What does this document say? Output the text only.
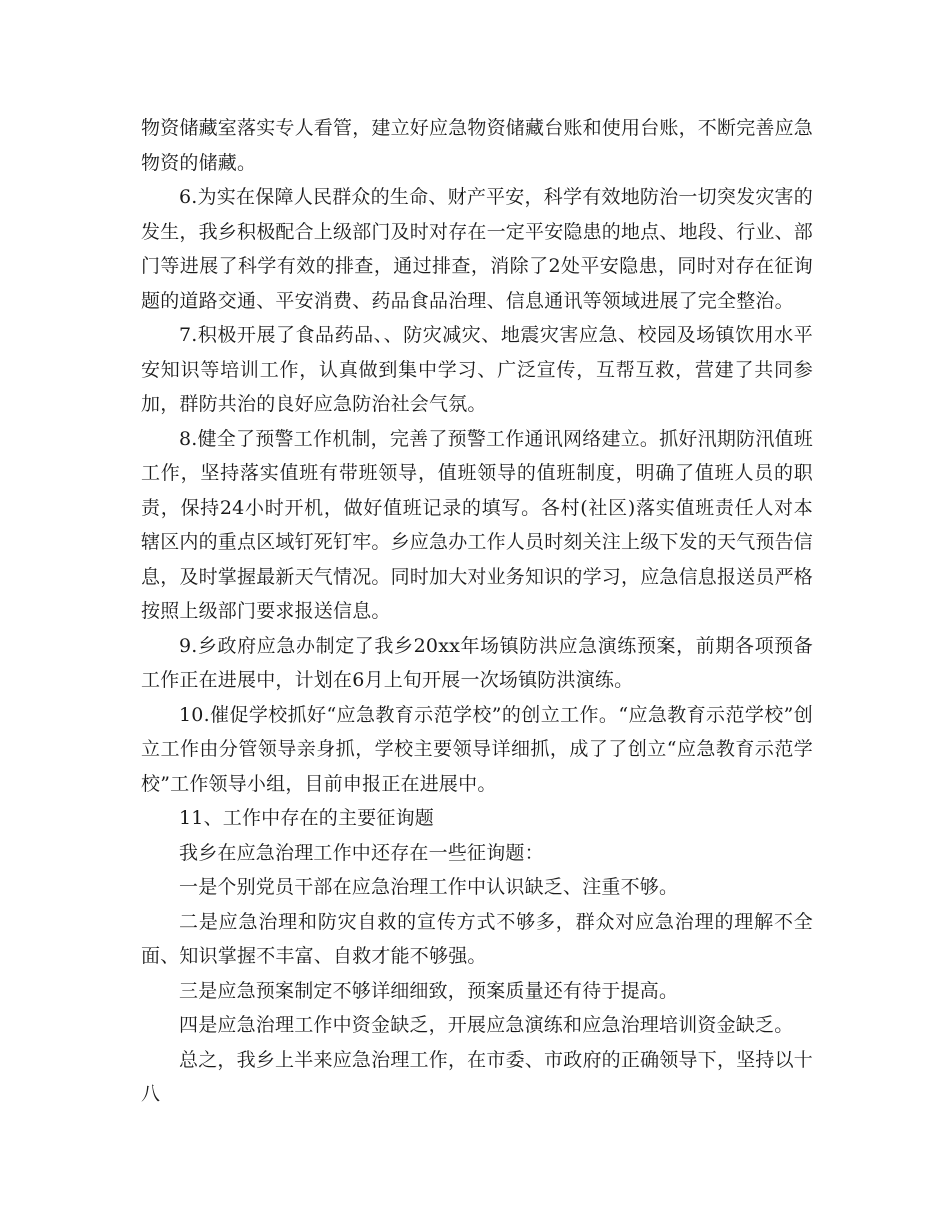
物资储藏室落实专人看管，建立好应急物资储藏台账和使用台账，不断完善应急物资的储藏。

6.为实在保障人民群众的生命、财产平安，科学有效地防治一切突发灾害的发生，我乡积极配合上级部门及时对存在一定平安隐患的地点、地段、行业、部门等进展了科学有效的排查，通过排查，消除了2处平安隐患，同时对存在征询题的道路交通、平安消费、药品食品治理、信息通讯等领域进展了完全整治。

7.积极开展了食品药品、、防灾减灾、地震灾害应急、校园及场镇饮用水平安知识等培训工作，认真做到集中学习、广泛宣传，互帮互救，营建了共同参加，群防共治的良好应急防治社会气氛。

8.健全了预警工作机制，完善了预警工作通讯网络建立。抓好汛期防汛值班工作，坚持落实值班有带班领导，值班领导的值班制度，明确了值班人员的职责，保持24小时开机，做好值班记录的填写。各村(社区)落实值班责任人对本辖区内的重点区域钉死钉牢。乡应急办工作人员时刻关注上级下发的天气预告信息，及时掌握最新天气情况。同时加大对业务知识的学习，应急信息报送员严格按照上级部门要求报送信息。

9.乡政府应急办制定了我乡20xx年场镇防洪应急演练预案，前期各项预备工作正在进展中，计划在6月上旬开展一次场镇防洪演练。

10.催促学校抓好“应急教育示范学校”的创立工作。“应急教育示范学校”创立工作由分管领导亲身抓，学校主要领导详细抓，成了了创立“应急教育示范学校”工作领导小组，目前申报正在进展中。

11、工作中存在的主要征询题

我乡在应急治理工作中还存在一些征询题：

一是个别党员干部在应急治理工作中认识缺乏、注重不够。

二是应急治理和防灾自救的宣传方式不够多，群众对应急治理的理解不全面、知识掌握不丰富、自救才能不够强。

三是应急预案制定不够详细细致，预案质量还有待于提高。

四是应急治理工作中资金缺乏，开展应急演练和应急治理培训资金缺乏。

总之，我乡上半来应急治理工作，在市委、市政府的正确领导下，坚持以十八
